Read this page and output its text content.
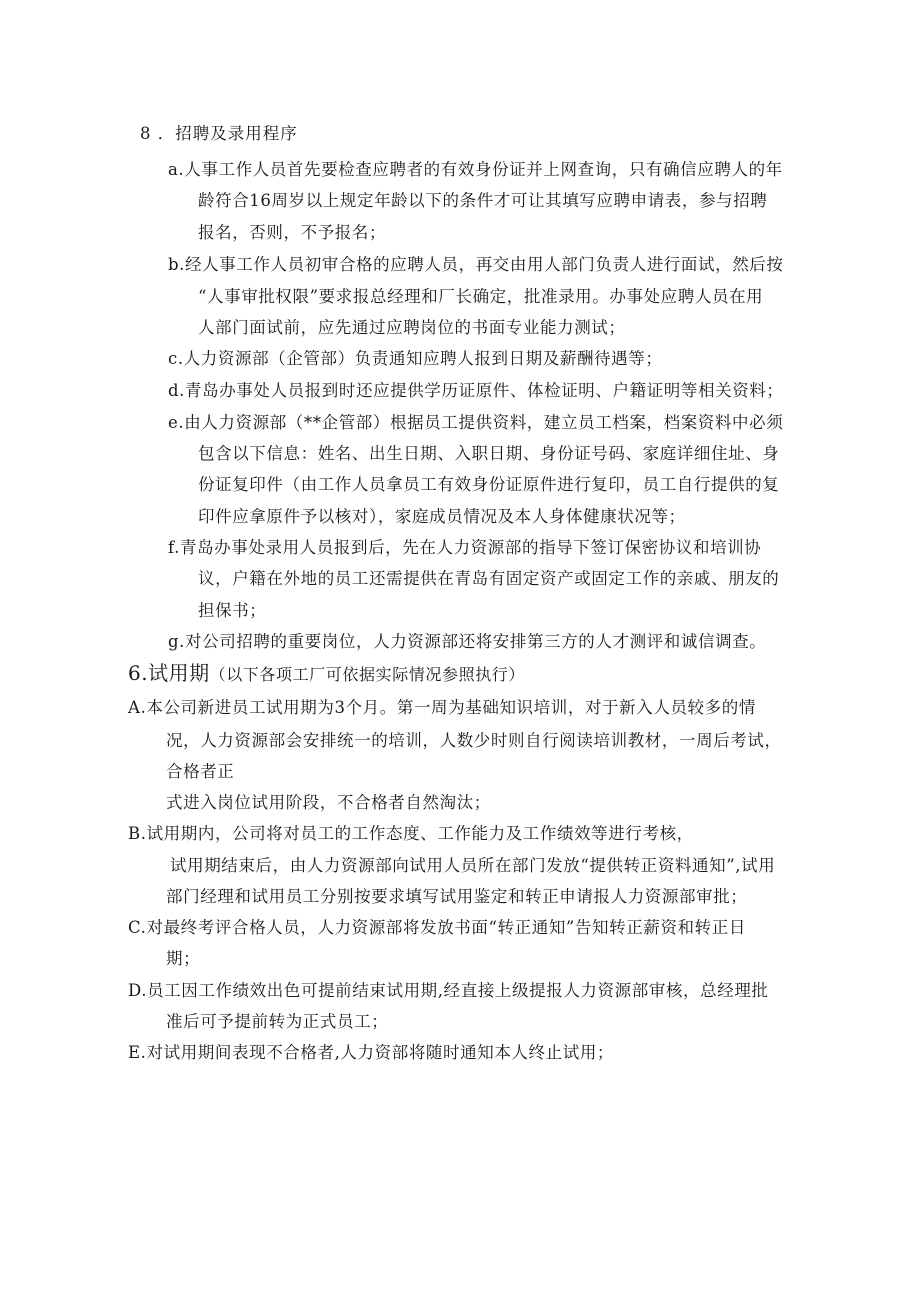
8 ．招聘及录用程序
a.人事工作人员首先要检查应聘者的有效身份证并上网查询，只有确信应聘人的年
龄符合16周岁以上规定年龄以下的条件才可让其填写应聘申请表，参与招聘
报名，否则，不予报名；
b.经人事工作人员初审合格的应聘人员，再交由用人部门负责人进行面试，然后按
“人事审批权限”要求报总经理和厂长确定，批准录用。办事处应聘人员在用
人部门面试前，应先通过应聘岗位的书面专业能力测试；
c.人力资源部（企管部）负责通知应聘人报到日期及薪酬待遇等；
d.青岛办事处人员报到时还应提供学历证原件、体检证明、户籍证明等相关资料；
e.由人力资源部（**企管部）根据员工提供资料，建立员工档案，档案资料中必须
包含以下信息：姓名、出生日期、入职日期、身份证号码、家庭详细住址、身
份证复印件（由工作人员拿员工有效身份证原件进行复印，员工自行提供的复
印件应拿原件予以核对），家庭成员情况及本人身体健康状况等；
f.青岛办事处录用人员报到后，先在人力资源部的指导下签订保密协议和培训协
议，户籍在外地的员工还需提供在青岛有固定资产或固定工作的亲戚、朋友的
担保书；
g.对公司招聘的重要岗位，人力资源部还将安排第三方的人才测评和诚信调查。
6.试用期（以下各项工厂可依据实际情况参照执行）
A.本公司新进员工试用期为3个月。第一周为基础知识培训，对于新入人员较多的情
况，人力资源部会安排统一的培训，人数少时则自行阅读培训教材，一周后考试，
合格者正
式进入岗位试用阶段，不合格者自然淘汰；
B.试用期内，公司将对员工的工作态度、工作能力及工作绩效等进行考核，
试用期结束后，由人力资源部向试用人员所在部门发放“提供转正资料通知”,试用
部门经理和试用员工分别按要求填写试用鉴定和转正申请报人力资源部审批；
C.对最终考评合格人员，人力资源部将发放书面“转正通知”告知转正薪资和转正日
期；
D.员工因工作绩效出色可提前结束试用期,经直接上级提报人力资源部审核，总经理批
准后可予提前转为正式员工；
E.对试用期间表现不合格者,人力资部将随时通知本人终止试用；
